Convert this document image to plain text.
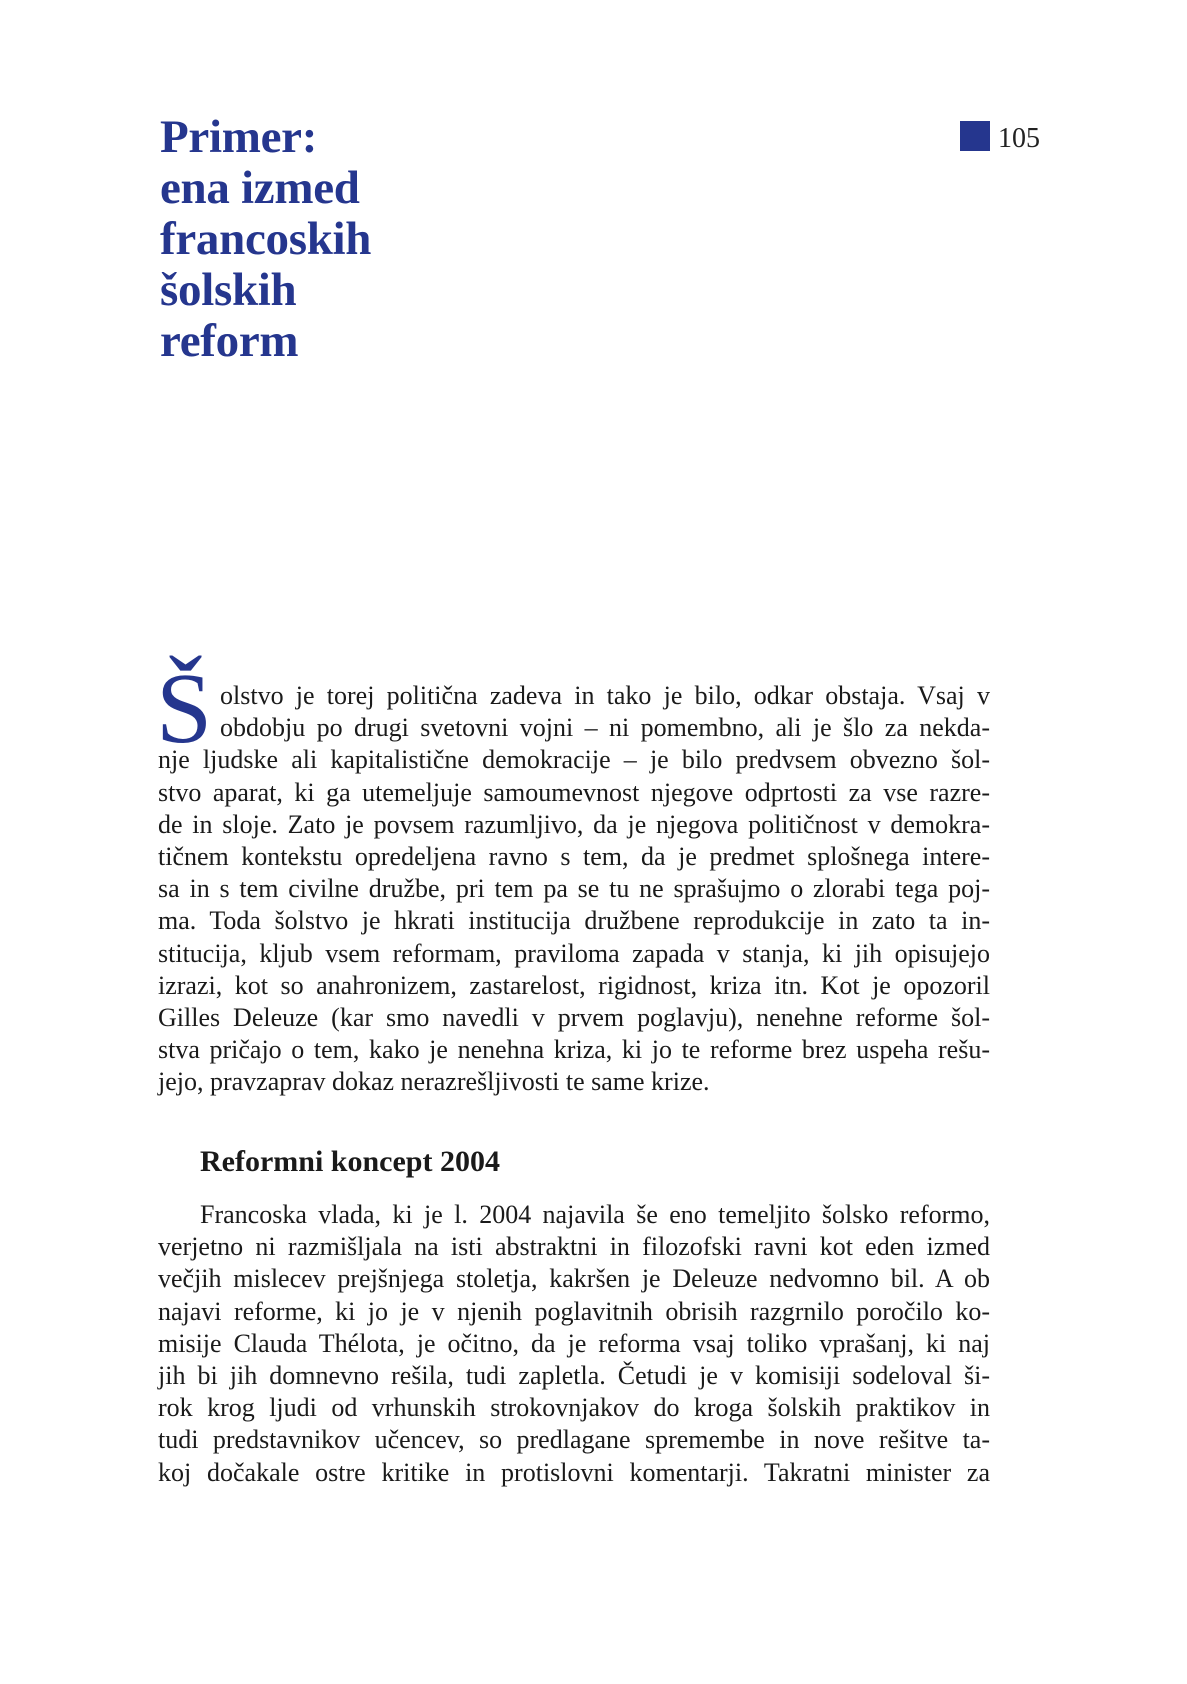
Primer:
ena izmed
francoskih
šolskih
reform
105
Š olstvo je torej politična zadeva in tako je bilo, odkar obstaja. Vsaj v
obdobju po drugi svetovni vojni – ni pomembno, ali je šlo za nekda-
nje ljudske ali kapitalistične demokracije – je bilo predvsem obvezno šol-
stvo aparat, ki ga utemeljuje samoumevnost njegove odprtosti za vse razre-
de in sloje. Zato je povsem razumljivo, da je njegova političnost v demokra-
tičnem kontekstu opredeljena ravno s tem, da je predmet splošnega intere-
sa in s tem civilne družbe, pri tem pa se tu ne sprašujmo o zlorabi tega poj-
ma. Toda šolstvo je hkrati institucija družbene reprodukcije in zato ta in-
stitucija, kljub vsem reformam, praviloma zapada v stanja, ki jih opisujejo
izrazi, kot so anahronizem, zastarelost, rigidnost, kriza itn. Kot je opozoril
Gilles Deleuze (kar smo navedli v prvem poglavju), nenehne reforme šol-
stva pričajo o tem, kako je nenehna kriza, ki jo te reforme brez uspeha rešu-
jejo, pravzaprav dokaz nerazrešljivosti te same krize.
Reformni koncept 2004
Francoska vlada, ki je l. 2004 najavila še eno temeljito šolsko reformo,
verjetno ni razmišljala na isti abstraktni in filozofski ravni kot eden izmed
večjih mislecev prejšnjega stoletja, kakršen je Deleuze nedvomno bil. A ob
najavi reforme, ki jo je v njenih poglavitnih obrisih razgrnilo poročilo ko-
misije Clauda Thélota, je očitno, da je reforma vsaj toliko vprašanj, ki naj
jih bi jih domnevno rešila, tudi zapletla. Četudi je v komisiji sodeloval ši-
rok krog ljudi od vrhunskih strokovnjakov do kroga šolskih praktikov in
tudi predstavnikov učencev, so predlagane spremembe in nove rešitve ta-
koj dočakale ostre kritike in protislovni komentarji. Takratni minister za
